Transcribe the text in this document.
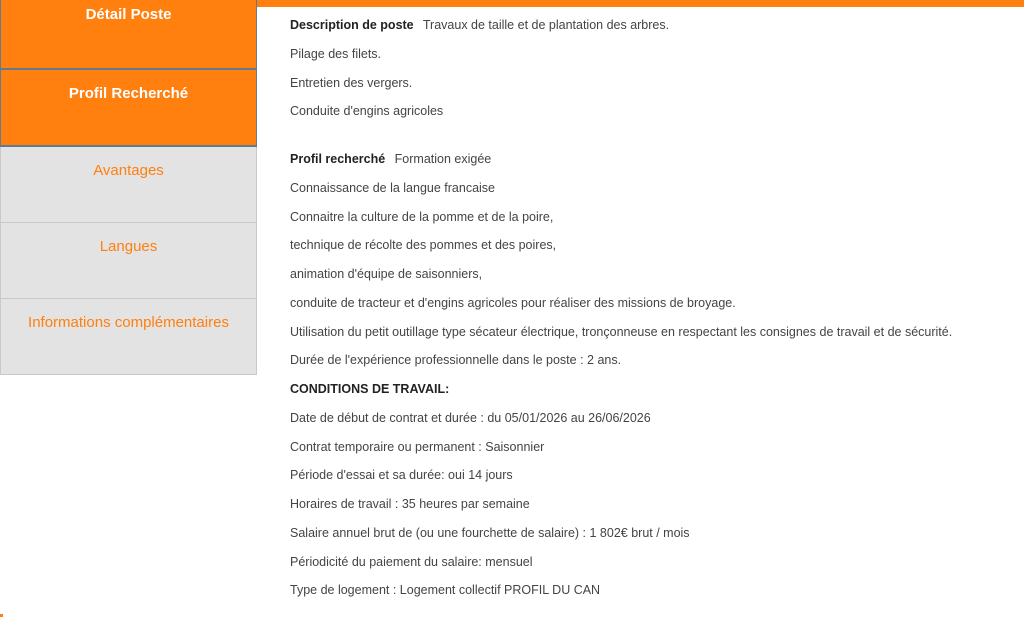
Détail Poste
Profil Recherché
Avantages
Langues
Informations complémentaires
Description de poste Travaux de taille et de plantation des arbres.
Pilage des filets.
Entretien des vergers.
Conduite d'engins agricoles
Profil recherché Formation exigée
Connaissance de la langue francaise
Connaitre la culture de la pomme et de la poire,
technique de récolte des pommes et des poires,
animation d'équipe de saisonniers,
conduite de tracteur et d'engins agricoles pour réaliser des missions de broyage.
Utilisation du petit outillage type sécateur électrique, tronçonneuse en respectant les consignes de travail et de sécurité.
Durée de l'expérience professionnelle dans le poste : 2 ans.
CONDITIONS DE TRAVAIL:
Date de début de contrat et durée : du 05/01/2026 au 26/06/2026
Contrat temporaire ou permanent : Saisonnier
Période d'essai et sa durée: oui 14 jours
Horaires de travail : 35 heures par semaine
Salaire annuel brut de (ou une fourchette de salaire) : 1 802€ brut / mois
Périodicité du paiement du salaire: mensuel
Type de logement : Logement collectif PROFIL DU CAN
